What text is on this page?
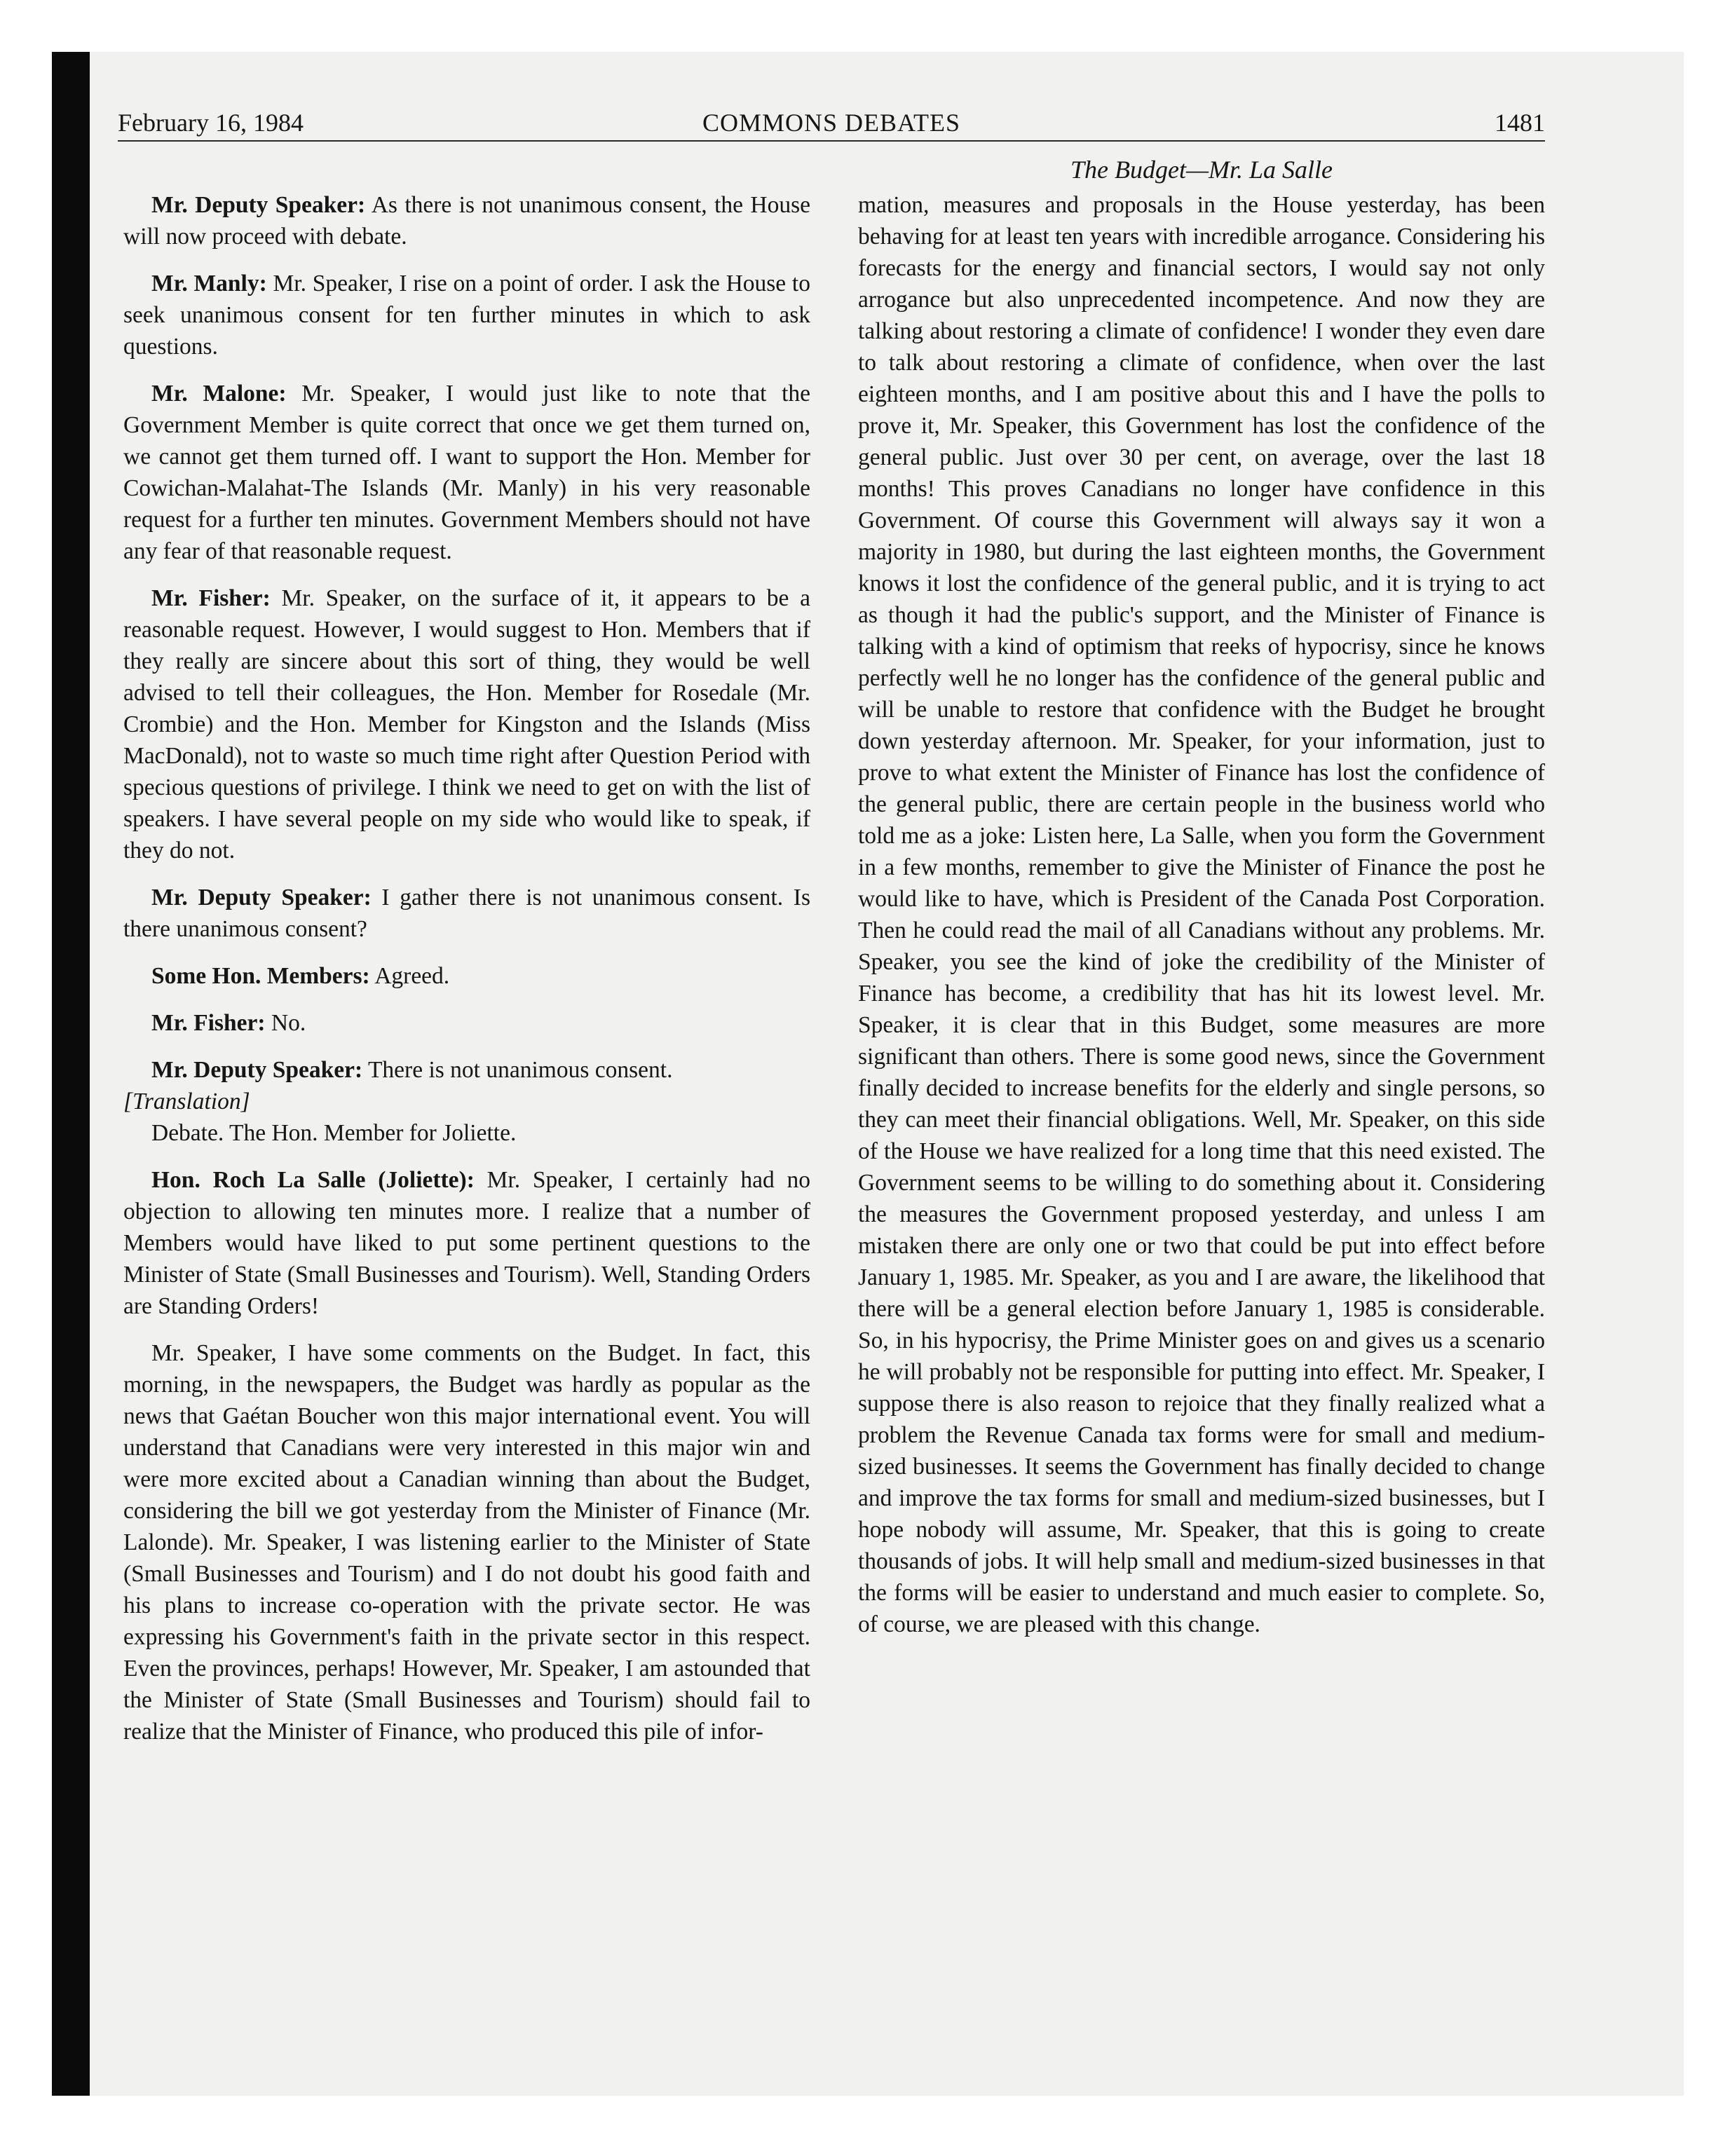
February 16, 1984	COMMONS DEBATES	1481
The Budget—Mr. La Salle

Mr. Deputy Speaker: As there is not unanimous consent, the House will now proceed with debate.

Mr. Manly: Mr. Speaker, I rise on a point of order. I ask the House to seek unanimous consent for ten further minutes in which to ask questions.

Mr. Malone: Mr. Speaker, I would just like to note that the Government Member is quite correct that once we get them turned on, we cannot get them turned off. I want to support the Hon. Member for Cowichan-Malahat-The Islands (Mr. Manly) in his very reasonable request for a further ten minutes. Government Members should not have any fear of that reasonable request.

Mr. Fisher: Mr. Speaker, on the surface of it, it appears to be a reasonable request. However, I would suggest to Hon. Members that if they really are sincere about this sort of thing, they would be well advised to tell their colleagues, the Hon. Member for Rosedale (Mr. Crombie) and the Hon. Member for Kingston and the Islands (Miss MacDonald), not to waste so much time right after Question Period with specious questions of privilege. I think we need to get on with the list of speakers. I have several people on my side who would like to speak, if they do not.

Mr. Deputy Speaker: I gather there is not unanimous consent. Is there unanimous consent?

Some Hon. Members: Agreed.

Mr. Fisher: No.

Mr. Deputy Speaker: There is not unanimous consent.

[Translation]

Debate. The Hon. Member for Joliette.

Hon. Roch La Salle (Joliette): Mr. Speaker, I certainly had no objection to allowing ten minutes more. I realize that a number of Members would have liked to put some pertinent questions to the Minister of State (Small Businesses and Tourism). Well, Standing Orders are Standing Orders!

Mr. Speaker, I have some comments on the Budget. In fact, this morning, in the newspapers, the Budget was hardly as popular as the news that Gaétan Boucher won this major international event. You will understand that Canadians were very interested in this major win and were more excited about a Canadian winning than about the Budget, considering the bill we got yesterday from the Minister of Finance (Mr. Lalonde). Mr. Speaker, I was listening earlier to the Minister of State (Small Businesses and Tourism) and I do not doubt his good faith and his plans to increase co-operation with the private sector. He was expressing his Government's faith in the private sector in this respect. Even the provinces, perhaps! However, Mr. Speaker, I am astounded that the Minister of State (Small Businesses and Tourism) should fail to realize that the Minister of Finance, who produced this pile of infor-

mation, measures and proposals in the House yesterday, has been behaving for at least ten years with incredible arrogance. Considering his forecasts for the energy and financial sectors, I would say not only arrogance but also unprecedented incompetence. And now they are talking about restoring a climate of confidence! I wonder they even dare to talk about restoring a climate of confidence, when over the last eighteen months, and I am positive about this and I have the polls to prove it, Mr. Speaker, this Government has lost the confidence of the general public. Just over 30 per cent, on average, over the last 18 months! This proves Canadians no longer have confidence in this Government. Of course this Government will always say it won a majority in 1980, but during the last eighteen months, the Government knows it lost the confidence of the general public, and it is trying to act as though it had the public's support, and the Minister of Finance is talking with a kind of optimism that reeks of hypocrisy, since he knows perfectly well he no longer has the confidence of the general public and will be unable to restore that confidence with the Budget he brought down yesterday afternoon. Mr. Speaker, for your information, just to prove to what extent the Minister of Finance has lost the confidence of the general public, there are certain people in the business world who told me as a joke: Listen here, La Salle, when you form the Government in a few months, remember to give the Minister of Finance the post he would like to have, which is President of the Canada Post Corporation. Then he could read the mail of all Canadians without any problems. Mr. Speaker, you see the kind of joke the credibility of the Minister of Finance has become, a credibility that has hit its lowest level. Mr. Speaker, it is clear that in this Budget, some measures are more significant than others. There is some good news, since the Government finally decided to increase benefits for the elderly and single persons, so they can meet their financial obligations. Well, Mr. Speaker, on this side of the House we have realized for a long time that this need existed. The Government seems to be willing to do something about it. Considering the measures the Government proposed yesterday, and unless I am mistaken there are only one or two that could be put into effect before January 1, 1985. Mr. Speaker, as you and I are aware, the likelihood that there will be a general election before January 1, 1985 is considerable. So, in his hypocrisy, the Prime Minister goes on and gives us a scenario he will probably not be responsible for putting into effect. Mr. Speaker, I suppose there is also reason to rejoice that they finally realized what a problem the Revenue Canada tax forms were for small and medium-sized businesses. It seems the Government has finally decided to change and improve the tax forms for small and medium-sized businesses, but I hope nobody will assume, Mr. Speaker, that this is going to create thousands of jobs. It will help small and medium-sized businesses in that the forms will be easier to understand and much easier to complete. So, of course, we are pleased with this change.
